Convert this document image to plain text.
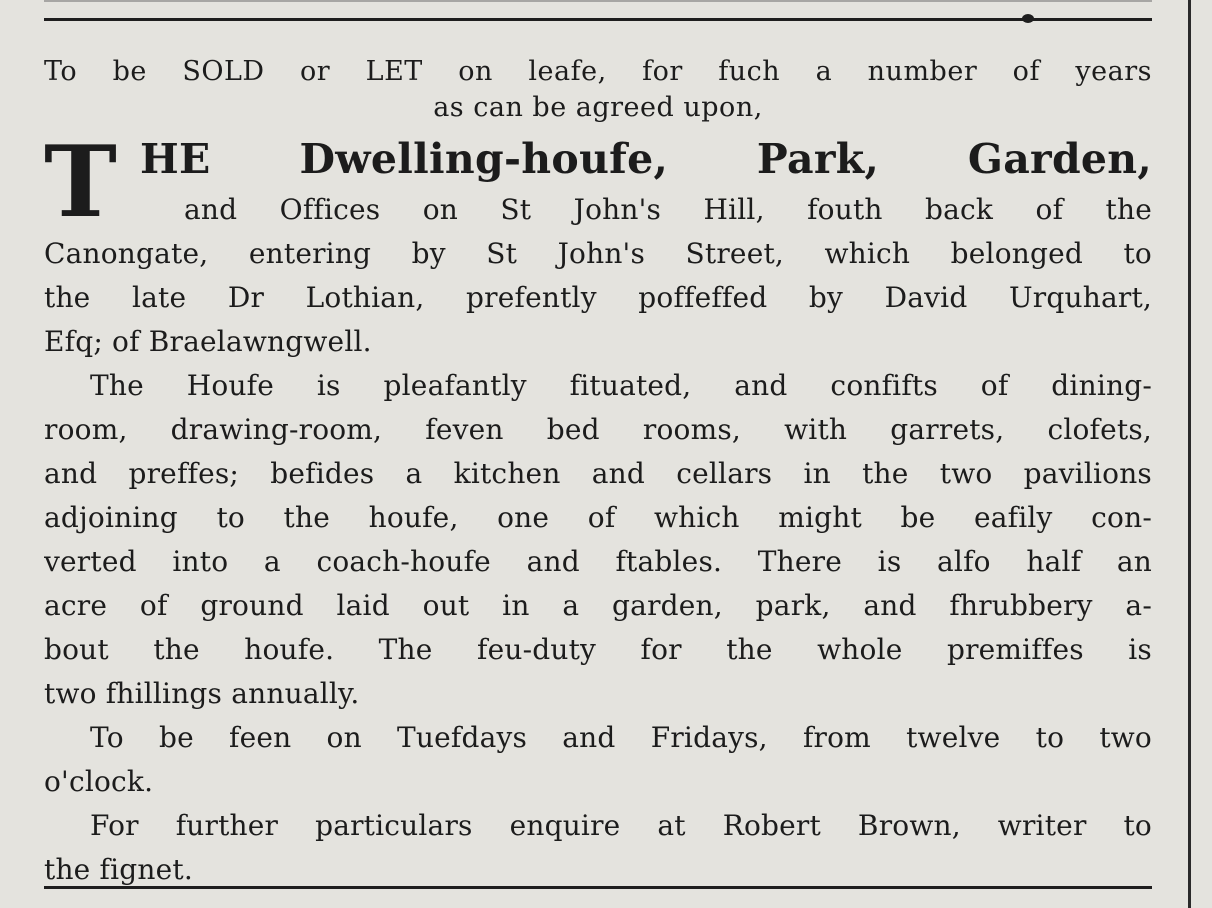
To be SOLD or LET on leafe, for fuch a number of years
as can be agreed upon,
T HE Dwelling-houfe, Park, Garden,
and Offices on St John's Hill, fouth back of the
Canongate, entering by St John's Street, which belonged to
the late Dr Lothian, prefently poffeffed by David Urquhart,
Efq; of Braelawngwell.
The Houfe is pleafantly fituated, and confifts of dining-
room, drawing-room, feven bed rooms, with garrets, clofets,
and preffes; befides a kitchen and cellars in the two pavilions
adjoining to the houfe, one of which might be eafily con-
verted into a coach-houfe and ftables. There is alfo half an
acre of ground laid out in a garden, park, and fhrubbery a-
bout the houfe. The feu-duty for the whole premiffes is
two fhillings annually.
To be feen on Tuefdays and Fridays, from twelve to two
o'clock.
For further particulars enquire at Robert Brown, writer to
the fignet.
